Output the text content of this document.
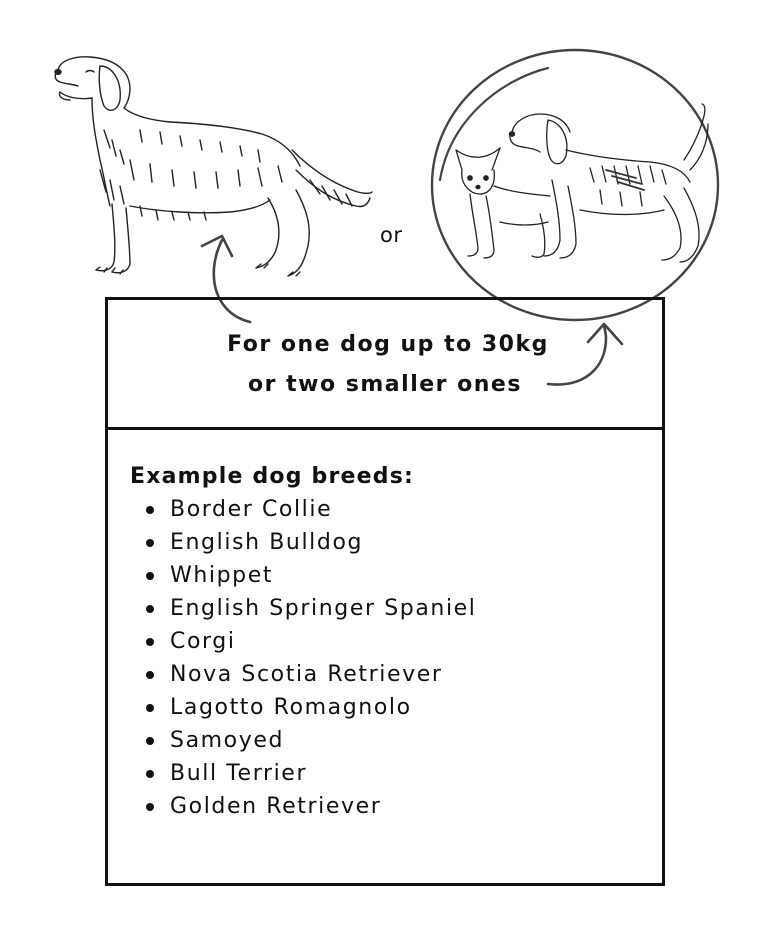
or
For one dog up to 30kg
or two smaller ones
Example dog breeds:
Border Collie
English Bulldog
Whippet
English Springer Spaniel
Corgi
Nova Scotia Retriever
Lagotto Romagnolo
Samoyed
Bull Terrier
Golden Retriever
